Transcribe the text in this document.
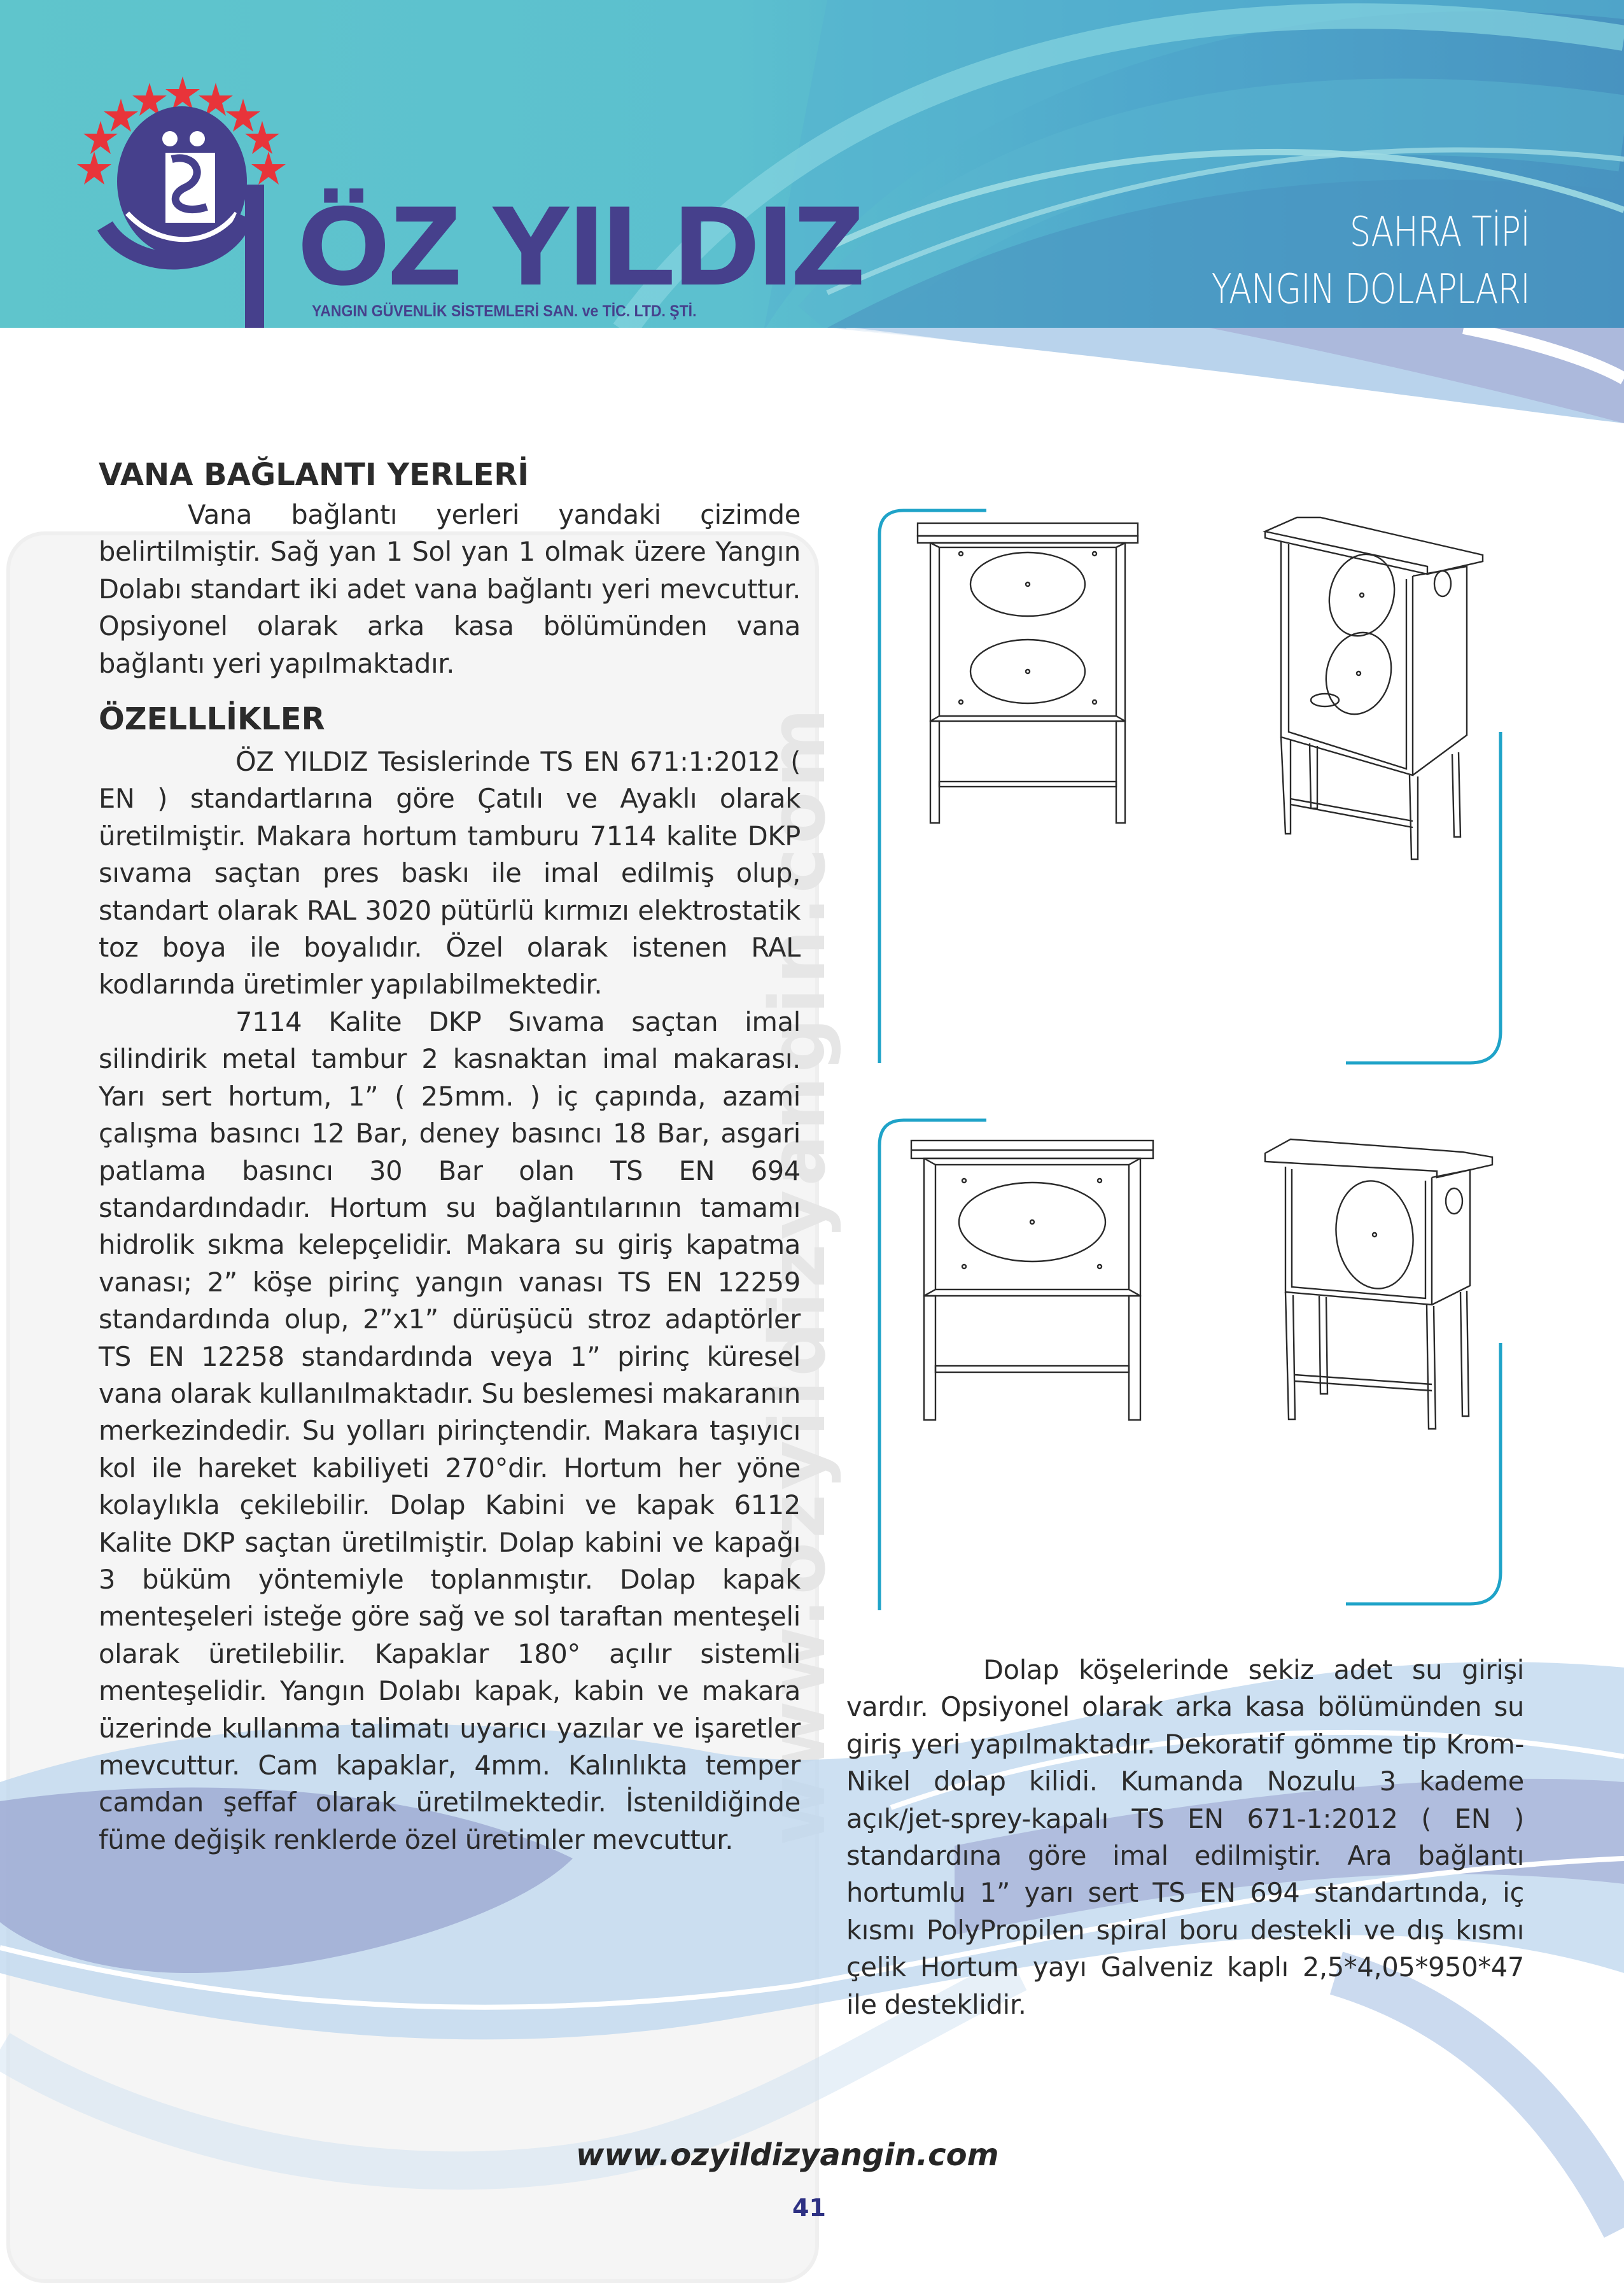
ÖZ YILDIZ
YANGIN GÜVENLİK SİSTEMLERİ SAN. ve TİC. LTD. ŞTİ.
SAHRA TİPİ
YANGIN DOLAPLARI
www.ozyildizyangin.com
VANA BAĞLANTI YERLERİ

Vana bağlantı yerleri yandaki çizimde belirtilmiştir. Sağ yan 1 Sol yan 1 olmak üzere Yangın Dolabı standart iki adet vana bağlantı yeri mevcuttur. Opsiyonel olarak arka kasa bölümünden vana bağlantı yeri yapılmaktadır.

ÖZELLLİKLER

ÖZ YILDIZ Tesislerinde TS EN 671:1:2012 ( EN ) standartlarına göre Çatılı ve Ayaklı olarak üretilmiştir. Makara hortum tamburu 7114 kalite DKP sıvama saçtan pres baskı ile imal edilmiş olup, standart olarak RAL 3020 pütürlü kırmızı elektrostatik toz boya ile boyalıdır. Özel olarak istenen RAL kodlarında üretimler yapılabilmektedir.

7114 Kalite DKP Sıvama saçtan imal silindirik metal tambur 2 kasnaktan imal makarası. Yarı sert hortum, 1” ( 25mm. ) iç çapında, azami çalışma basıncı 12 Bar, deney basıncı 18 Bar, asgari patlama basıncı 30 Bar olan TS EN 694 standardındadır. Hortum su bağlantılarının tamamı hidrolik sıkma kelepçelidir. Makara su giriş kapatma vanası; 2” köşe pirinç yangın vanası TS EN 12259 standardında olup, 2”x1” dürüşücü stroz adaptörler TS EN 12258 standardında veya 1” pirinç küresel vana olarak kullanılmaktadır. Su beslemesi makaranın merkezindedir. Su yolları pirinçtendir. Makara taşıyıcı kol ile hareket kabiliyeti 270°dir. Hortum her yöne kolaylıkla çekilebilir. Dolap Kabini ve kapak 6112 Kalite DKP saçtan üretilmiştir. Dolap kabini ve kapağı 3 büküm yöntemiyle toplanmıştır. Dolap kapak menteşeleri isteğe göre sağ ve sol taraftan menteşeli olarak üretilebilir. Kapaklar 180° açılır sistemli menteşelidir. Yangın Dolabı kapak, kabin ve makara üzerinde kullanma talimatı uyarıcı yazılar ve işaretler mevcuttur. Cam kapaklar, 4mm. Kalınlıkta temper camdan şeffaf olarak üretilmektedir. İstenildiğinde füme değişik renklerde özel üretimler mevcuttur.

Dolap köşelerinde sekiz adet su girişi vardır. Opsiyonel olarak arka kasa bölümünden su giriş yeri yapılmaktadır. Dekoratif gömme tip Krom-Nikel dolap kilidi. Kumanda Nozulu 3 kademe açık/jet-sprey-kapalı TS EN 671-1:2012 ( EN ) standardına göre imal edilmiştir. Ara bağlantı hortumlu 1” yarı sert TS EN 694 standartında, iç kısmı PolyPropilen spiral boru destekli ve dış kısmı çelik Hortum yayı Galveniz kaplı 2,5*4,05*950*47 ile desteklidir.

www.ozyildizyangin.com
41
